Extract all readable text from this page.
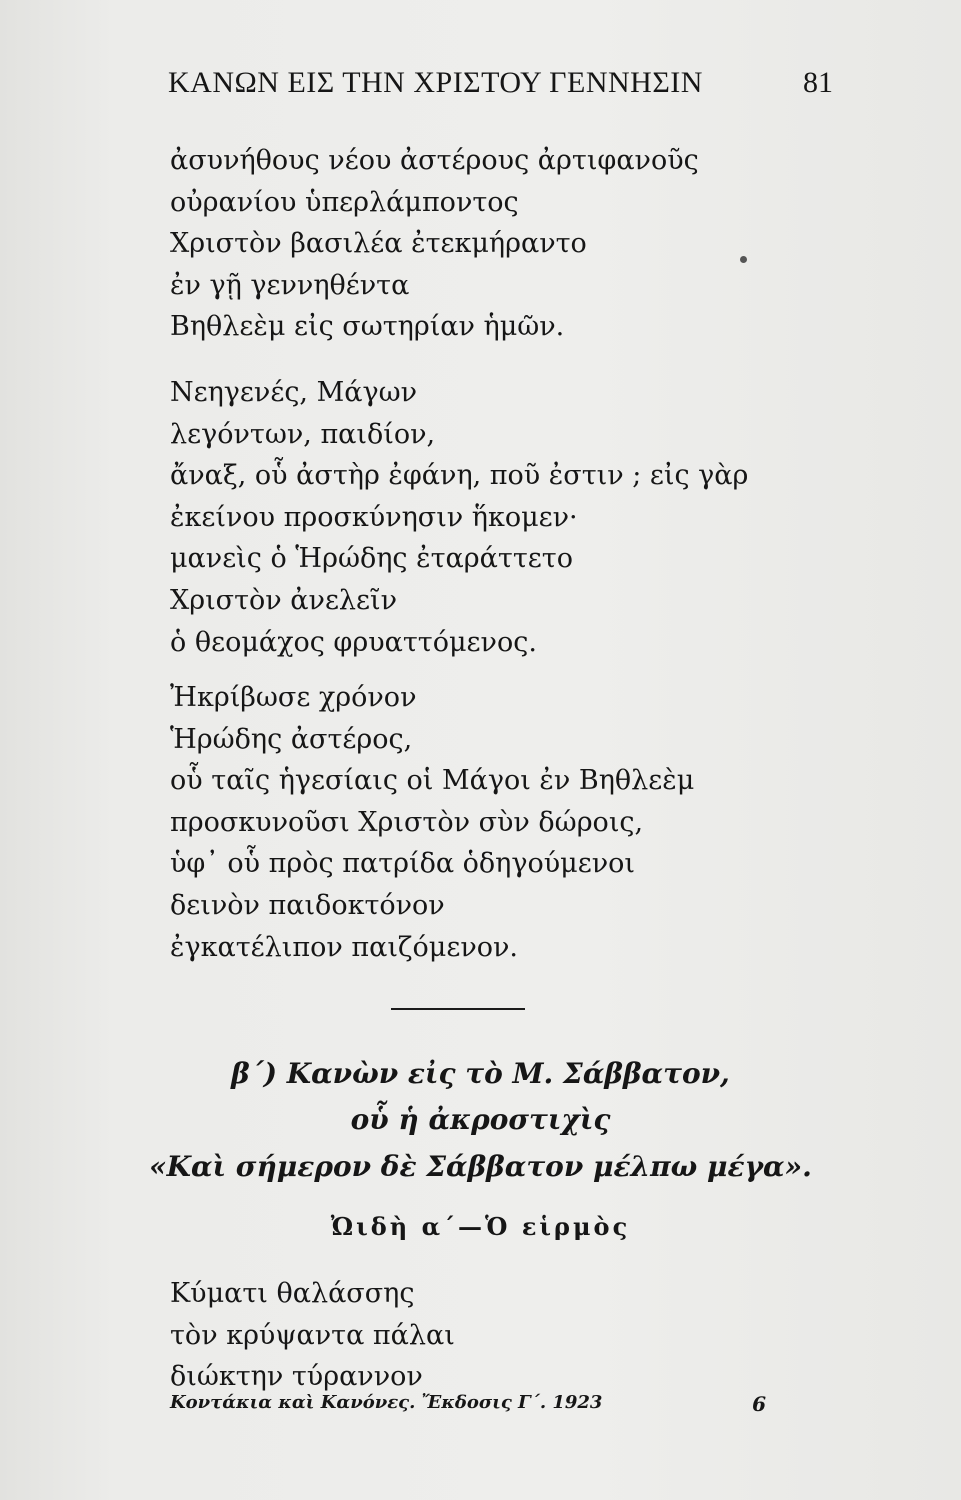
ΚΑΝΩΝ ΕΙΣ ΤΗΝ ΧΡΙΣΤΟΥ ΓΕΝΝΗΣΙΝ	81
ἀσυνήθους νέου ἀστέρους ἀρτιφανοῦς
οὐρανίου ὑπερλάμποντος
Χριστὸν βασιλέα ἐτεκμήραντο
ἐν γῇ γεννηθέντα
Βηθλεὲμ εἰς σωτηρίαν ἡμῶν.
Νεηγενές, Μάγων
λεγόντων, παιδίον,
ἄναξ, οὗ ἀστὴρ ἐφάνη, ποῦ ἐστιν ; εἰς γὰρ
ἐκείνου προσκύνησιν ἥκομεν·
μανεὶς ὁ Ἡρώδης ἐταράττετο
Χριστὸν ἀνελεῖν
ὁ θεομάχος φρυαττόμενος.
Ἠκρίβωσε χρόνον
Ἡρώδης ἀστέρος,
οὗ ταῖς ἡγεσίαις οἱ Μάγοι ἐν Βηθλεὲμ
προσκυνοῦσι Χριστὸν σὺν δώροις,
ὑφ᾽ οὗ πρὸς πατρίδα ὁδηγούμενοι
δεινὸν παιδοκτόνον
ἐγκατέλιπον παιζόμενον.
β΄) Κανὼν εἰς τὸ Μ. Σάββατον,
οὗ ἡ ἀκροστιχὶς
«Καὶ σήμερον δὲ Σάββατον μέλπω μέγα».
Ὠιδὴ α΄—Ὁ εἱρμὸς
Κύματι θαλάσσης
τὸν κρύψαντα πάλαι
διώκτην τύραννον
Κοντάκια καὶ Κανόνες. Ἔκδοσις Γ΄. 1923	6
